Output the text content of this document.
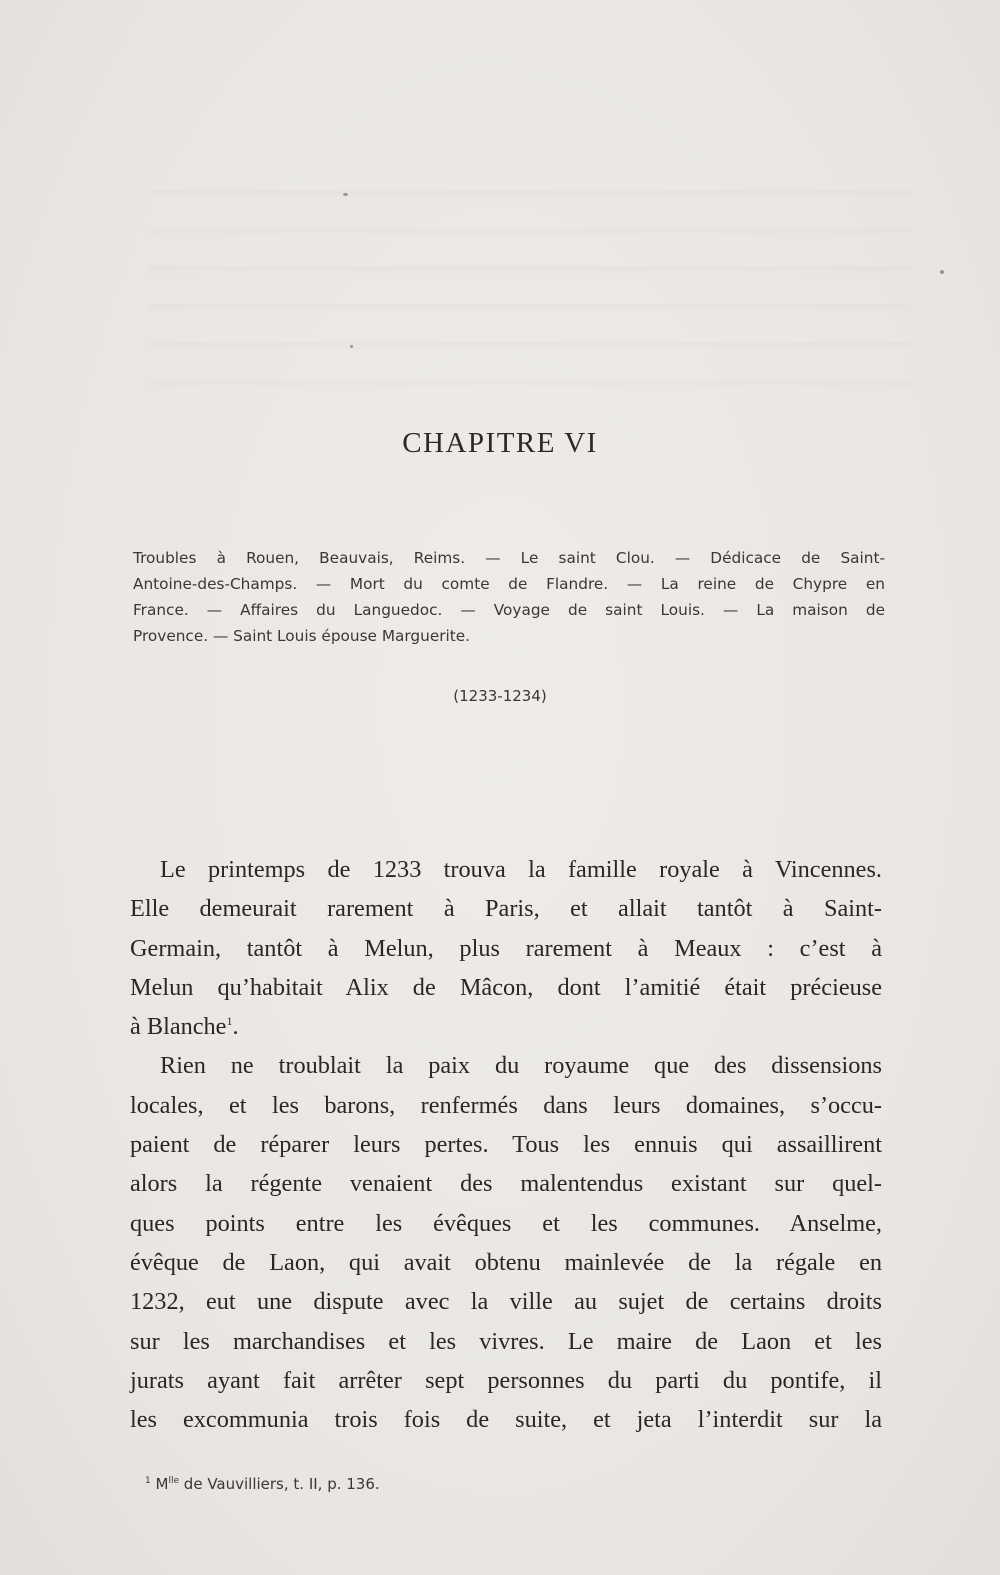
CHAPITRE VI
Troubles à Rouen, Beauvais, Reims. — Le saint Clou. — Dédicace de Saint-
Antoine-des-Champs. — Mort du comte de Flandre. — La reine de Chypre en
France. — Affaires du Languedoc. — Voyage de saint Louis. — La maison de
Provence. — Saint Louis épouse Marguerite.
(1233-1234)
Le printemps de 1233 trouva la famille royale à Vincennes.
Elle demeurait rarement à Paris, et allait tantôt à Saint-
Germain, tantôt à Melun, plus rarement à Meaux : c’est à
Melun qu’habitait Alix de Mâcon, dont l’amitié était précieuse
à Blanche$^1$.
Rien ne troublait la paix du royaume que des dissensions
locales, et les barons, renfermés dans leurs domaines, s’occu-
paient de réparer leurs pertes. Tous les ennuis qui assaillirent
alors la régente venaient des malentendus existant sur quel-
ques points entre les évêques et les communes. Anselme,
évêque de Laon, qui avait obtenu mainlevée de la régale en
1232, eut une dispute avec la ville au sujet de certains droits
sur les marchandises et les vivres. Le maire de Laon et les
jurats ayant fait arrêter sept personnes du parti du pontife, il
les excommunia trois fois de suite, et jeta l’interdit sur la
$^1$ $M^{lle}$ de Vauvilliers, t. II, p. 136.
